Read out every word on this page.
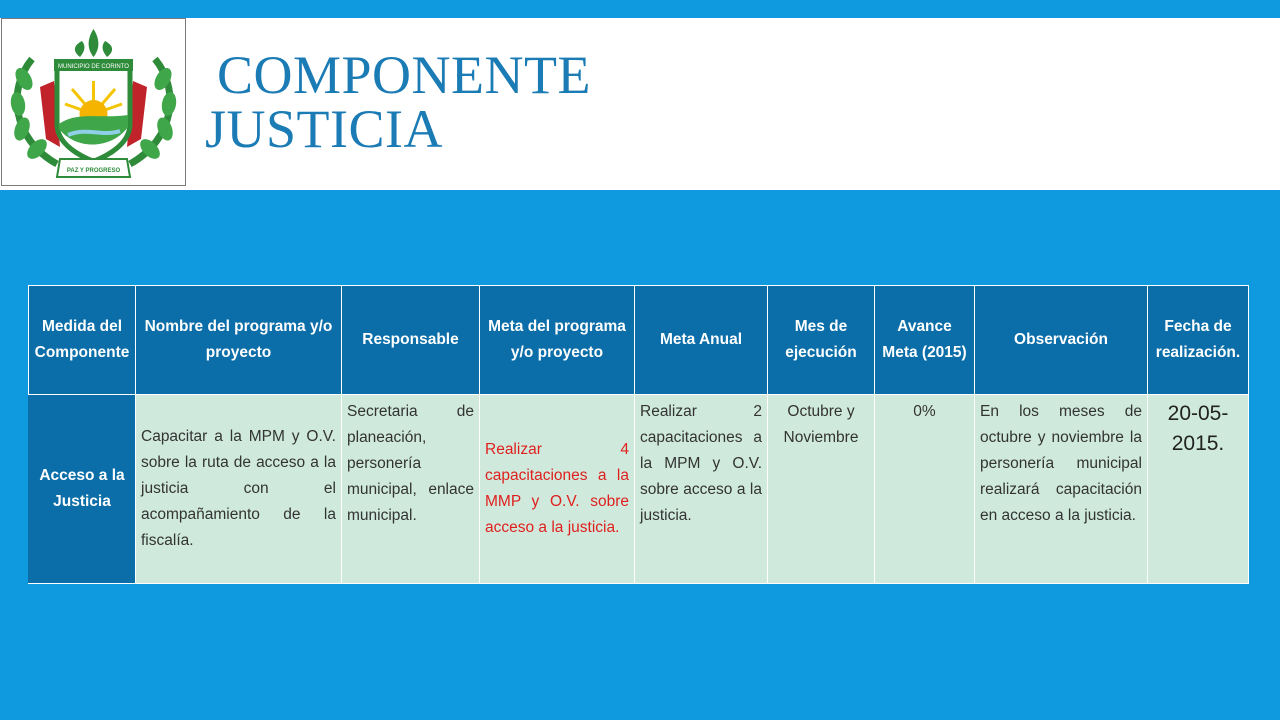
MUNICIPIO DE CORINTO
PAZ Y PROGRESO
COMPONENTE
JUSTICIA
Medida del Componente	Nombre del programa y/o proyecto	Responsable	Meta del programa y/o proyecto	Meta Anual	Mes de ejecución	Avance Meta (2015)	Observación	Fecha de realización.
Acceso a la Justicia	Capacitar a la MPM y O.V. sobre la ruta de acceso a la justicia con el acompañamiento de la fiscalía.	Secretaria de planeación, personería municipal, enlace municipal.	Realizar 4 capacitaciones a la MMP y O.V. sobre acceso a la justicia.	Realizar 2 capacitaciones a la MPM y O.V. sobre acceso a la justicia.	Octubre y Noviembre	0%	En los meses de octubre y noviembre la personería municipal realizará capacitación en acceso a la justicia.	20-05-2015.
